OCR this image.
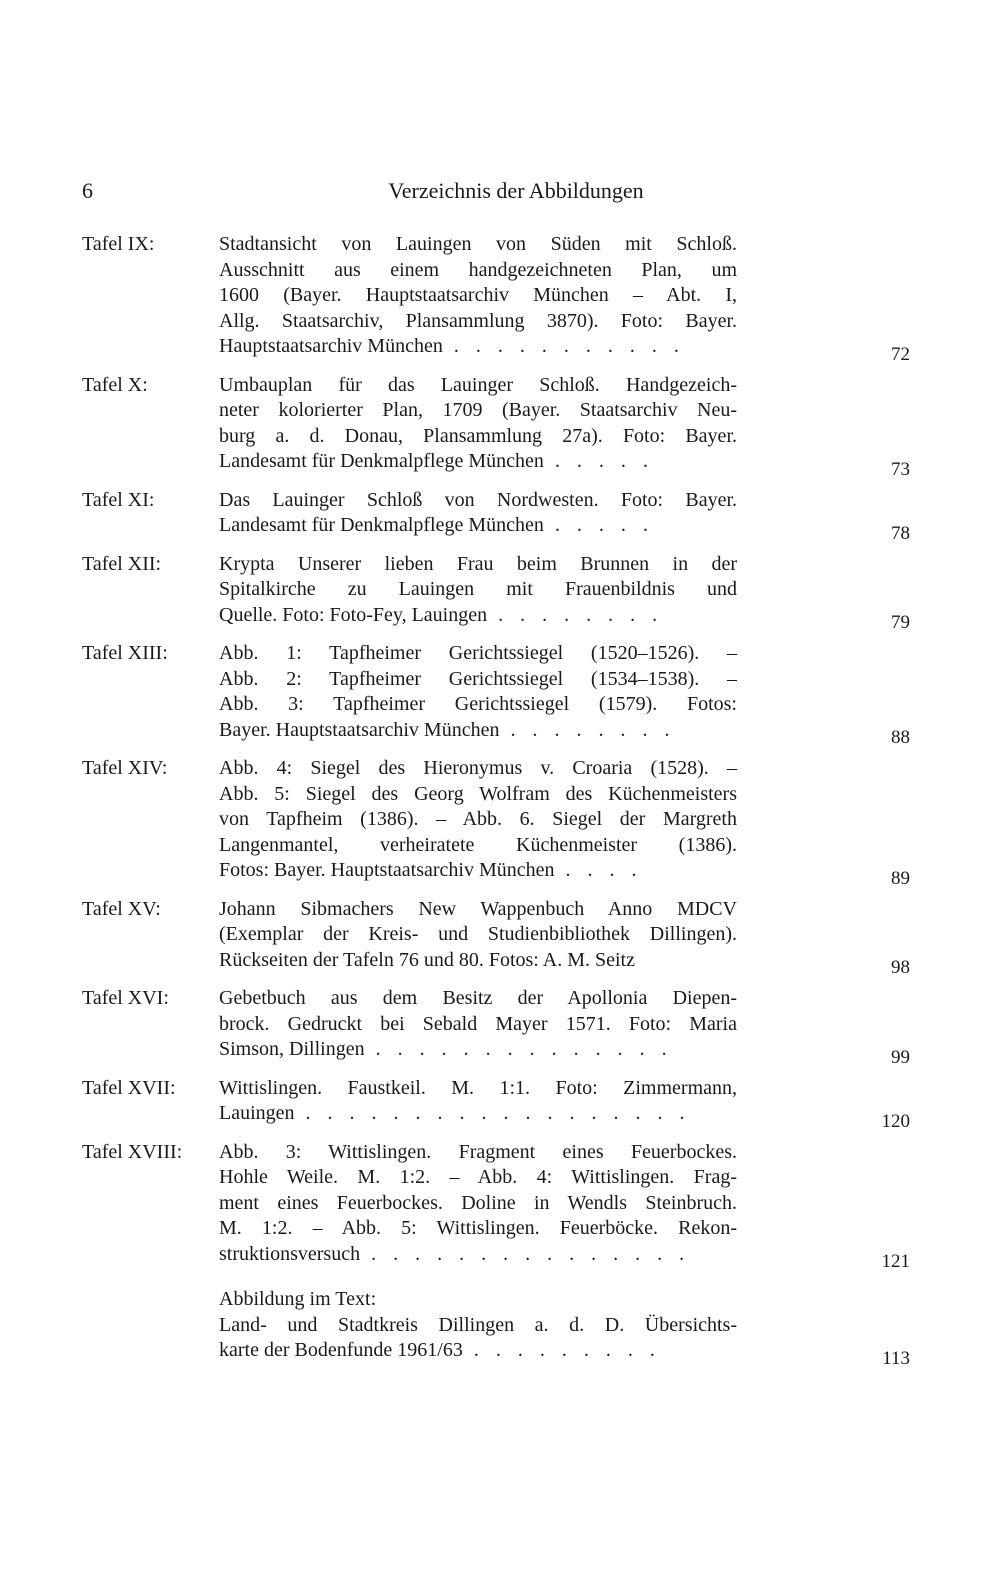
6	Verzeichnis der Abbildungen
Tafel IX:	Stadtansicht von Lauingen von Süden mit Schloß.
Ausschnitt aus einem handgezeichneten Plan, um
1600 (Bayer. Hauptstaatsarchiv München – Abt. I,
Allg. Staatsarchiv, Plansammlung 3870). Foto: Bayer.
Hauptstaatsarchiv München . . . . . . . . . . .	72
Tafel X:	Umbauplan für das Lauinger Schloß. Handgezeich-
neter kolorierter Plan, 1709 (Bayer. Staatsarchiv Neu-
burg a. d. Donau, Plansammlung 27a). Foto: Bayer.
Landesamt für Denkmalpflege München . . . . .	73
Tafel XI:	Das Lauinger Schloß von Nordwesten. Foto: Bayer.
Landesamt für Denkmalpflege München . . . . .	78
Tafel XII:	Krypta Unserer lieben Frau beim Brunnen in der
Spitalkirche zu Lauingen mit Frauenbildnis und
Quelle. Foto: Foto-Fey, Lauingen . . . . . . . .	79
Tafel XIII:	Abb. 1: Tapfheimer Gerichtssiegel (1520–1526). –
Abb. 2: Tapfheimer Gerichtssiegel (1534–1538). –
Abb. 3: Tapfheimer Gerichtssiegel (1579). Fotos:
Bayer. Hauptstaatsarchiv München . . . . . . . .	88
Tafel XIV:	Abb. 4: Siegel des Hieronymus v. Croaria (1528). –
Abb. 5: Siegel des Georg Wolfram des Küchenmeisters
von Tapfheim (1386). – Abb. 6. Siegel der Margreth
Langenmantel, verheiratete Küchenmeister (1386).
Fotos: Bayer. Hauptstaatsarchiv München . . . .	89
Tafel XV:	Johann Sibmachers New Wappenbuch Anno MDCV
(Exemplar der Kreis- und Studienbibliothek Dillingen).
Rückseiten der Tafeln 76 und 80. Fotos: A. M. Seitz	98
Tafel XVI:	Gebetbuch aus dem Besitz der Apollonia Diepen-
brock. Gedruckt bei Sebald Mayer 1571. Foto: Maria
Simson, Dillingen . . . . . . . . . . . . . .	99
Tafel XVII: Wittislingen. Faustkeil. M. 1:1. Foto: Zimmermann,
Lauingen . . . . . . . . . . . . . . . . . .	120
Tafel XVIII: Abb. 3: Wittislingen. Fragment eines Feuerbockes.
Hohle Weile. M. 1:2. – Abb. 4: Wittislingen. Frag-
ment eines Feuerbockes. Doline in Wendls Steinbruch.
M. 1:2. – Abb. 5: Wittislingen. Feuerböcke. Rekon-
struktionsversuch . . . . . . . . . . . . . . .	121
Abbildung im Text:
Land- und Stadtkreis Dillingen a. d. D. Übersichts-
karte der Bodenfunde 1961/63 . . . . . . . . .	113
